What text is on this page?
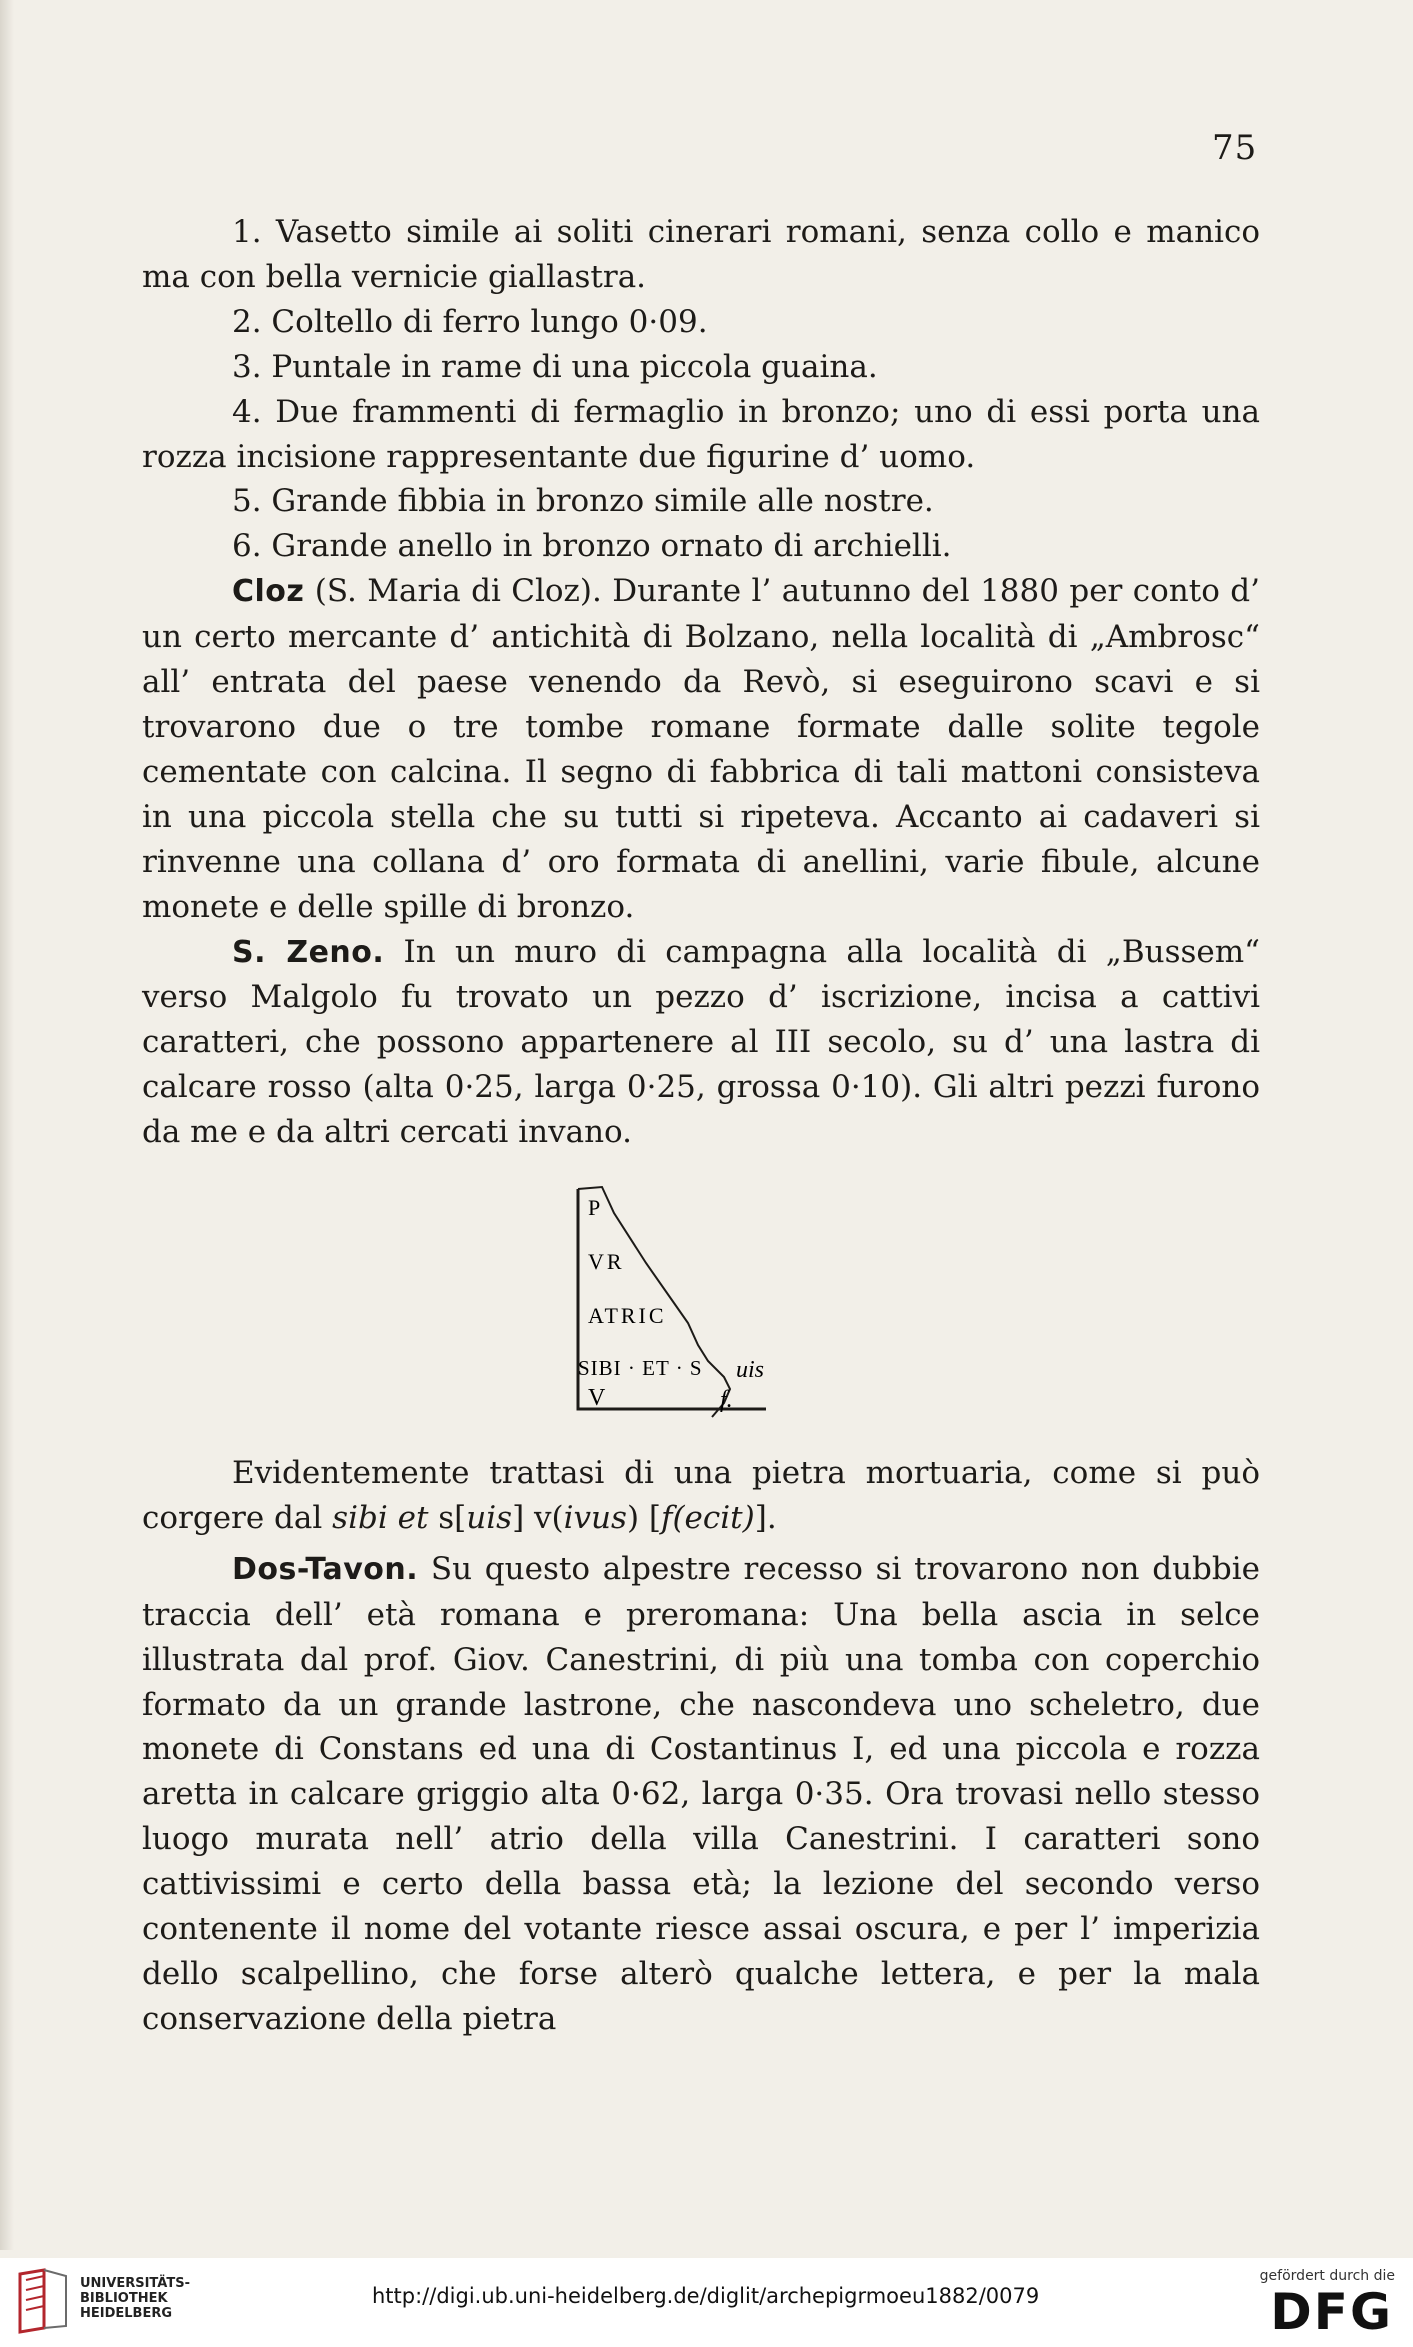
75

1. Vasetto simile ai soliti cinerari romani, senza collo e manico ma con bella vernicie giallastra.

2. Coltello di ferro lungo 0·09.

3. Puntale in rame di una piccola guaina.

4. Due frammenti di fermaglio in bronzo; uno di essi porta una rozza incisione rappresentante due figurine d’ uomo.

5. Grande fibbia in bronzo simile alle nostre.

6. Grande anello in bronzo ornato di archielli.

Cloz (S. Maria di Cloz). Durante l’ autunno del 1880 per conto d’ un certo mercante d’ antichità di Bolzano, nella località di „Ambrosc“ all’ entrata del paese venendo da Revò, si eseguirono scavi e si trovarono due o tre tombe romane formate dalle solite tegole cementate con calcina. Il segno di fabbrica di tali mattoni consisteva in una piccola stella che su tutti si ripeteva. Accanto ai cadaveri si rinvenne una collana d’ oro formata di anellini, varie fibule, alcune monete e delle spille di bronzo.

S. Zeno. In un muro di campagna alla località di „Bussem“ verso Malgolo fu trovato un pezzo d’ iscrizione, incisa a cattivi caratteri, che possono appartenere al III secolo, su d’ una lastra di calcare rosso (alta 0·25, larga 0·25, grossa 0·10). Gli altri pezzi furono da me e da altri cercati invano.

P
VR
ATRIC
SIBI · ET · S
V
uis
f.

Evidentemente trattasi di una pietra mortuaria, come si può corgere dal sibi et s[uis] v(ivus) [f(ecit)].

Dos-Tavon. Su questo alpestre recesso si trovarono non dubbie traccia dell’ età romana e preromana: Una bella ascia in selce illustrata dal prof. Giov. Canestrini, di più una tomba con coperchio formato da un grande lastrone, che nascondeva uno scheletro, due monete di Constans ed una di Costantinus I, ed una piccola e rozza aretta in calcare griggio alta 0·62, larga 0·35. Ora trovasi nello stesso luogo murata nell’ atrio della villa Canestrini. I caratteri sono cattivissimi e certo della bassa età; la lezione del secondo verso contenente il nome del votante riesce assai oscura, e per l’ imperizia dello scalpellino, che forse alterò qualche lettera, e per la mala conservazione della pietra

UNIVERSITÄTS-
BIBLIOTHEK
HEIDELBERG
http://digi.ub.uni-heidelberg.de/diglit/archepigrmoeu1882/0079
gefördert durch die
DFG
